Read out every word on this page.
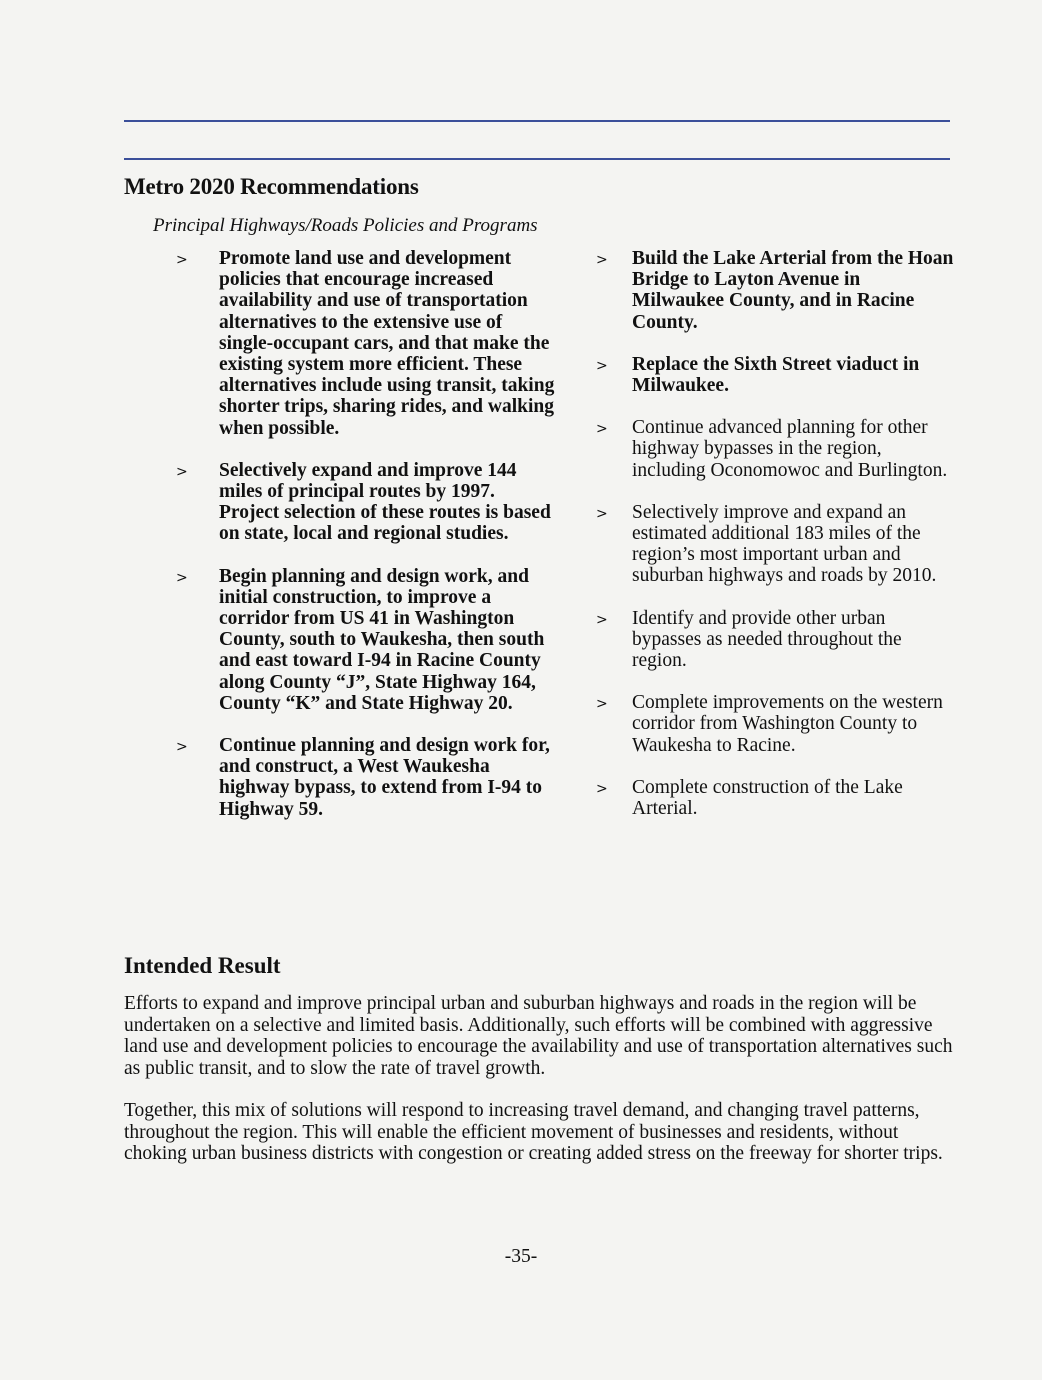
Metro 2020 Recommendations
Principal Highways/Roads Policies and Programs
> Promote land use and development policies that encourage increased availability and use of transportation alternatives to the extensive use of single-occupant cars, and that make the existing system more efficient. These alternatives include using transit, taking shorter trips, sharing rides, and walking when possible.
> Selectively expand and improve 144 miles of principal routes by 1997. Project selection of these routes is based on state, local and regional studies.
> Begin planning and design work, and initial construction, to improve a corridor from US 41 in Washington County, south to Waukesha, then south and east toward I-94 in Racine County along County “J”, State Highway 164, County “K” and State Highway 20.
> Continue planning and design work for, and construct, a West Waukesha highway bypass, to extend from I-94 to Highway 59.
> Build the Lake Arterial from the Hoan Bridge to Layton Avenue in Milwaukee County, and in Racine County.
> Replace the Sixth Street viaduct in Milwaukee.
> Continue advanced planning for other highway bypasses in the region, including Oconomowoc and Burlington.
> Selectively improve and expand an estimated additional 183 miles of the region’s most important urban and suburban highways and roads by 2010.
> Identify and provide other urban bypasses as needed throughout the region.
> Complete improvements on the western corridor from Washington County to Waukesha to Racine.
> Complete construction of the Lake Arterial.
Intended Result
Efforts to expand and improve principal urban and suburban highways and roads in the region will be undertaken on a selective and limited basis. Additionally, such efforts will be combined with aggressive land use and development policies to encourage the availability and use of transportation alternatives such as public transit, and to slow the rate of travel growth.
Together, this mix of solutions will respond to increasing travel demand, and changing travel patterns, throughout the region. This will enable the efficient movement of businesses and residents, without choking urban business districts with congestion or creating added stress on the freeway for shorter trips.
-35-
